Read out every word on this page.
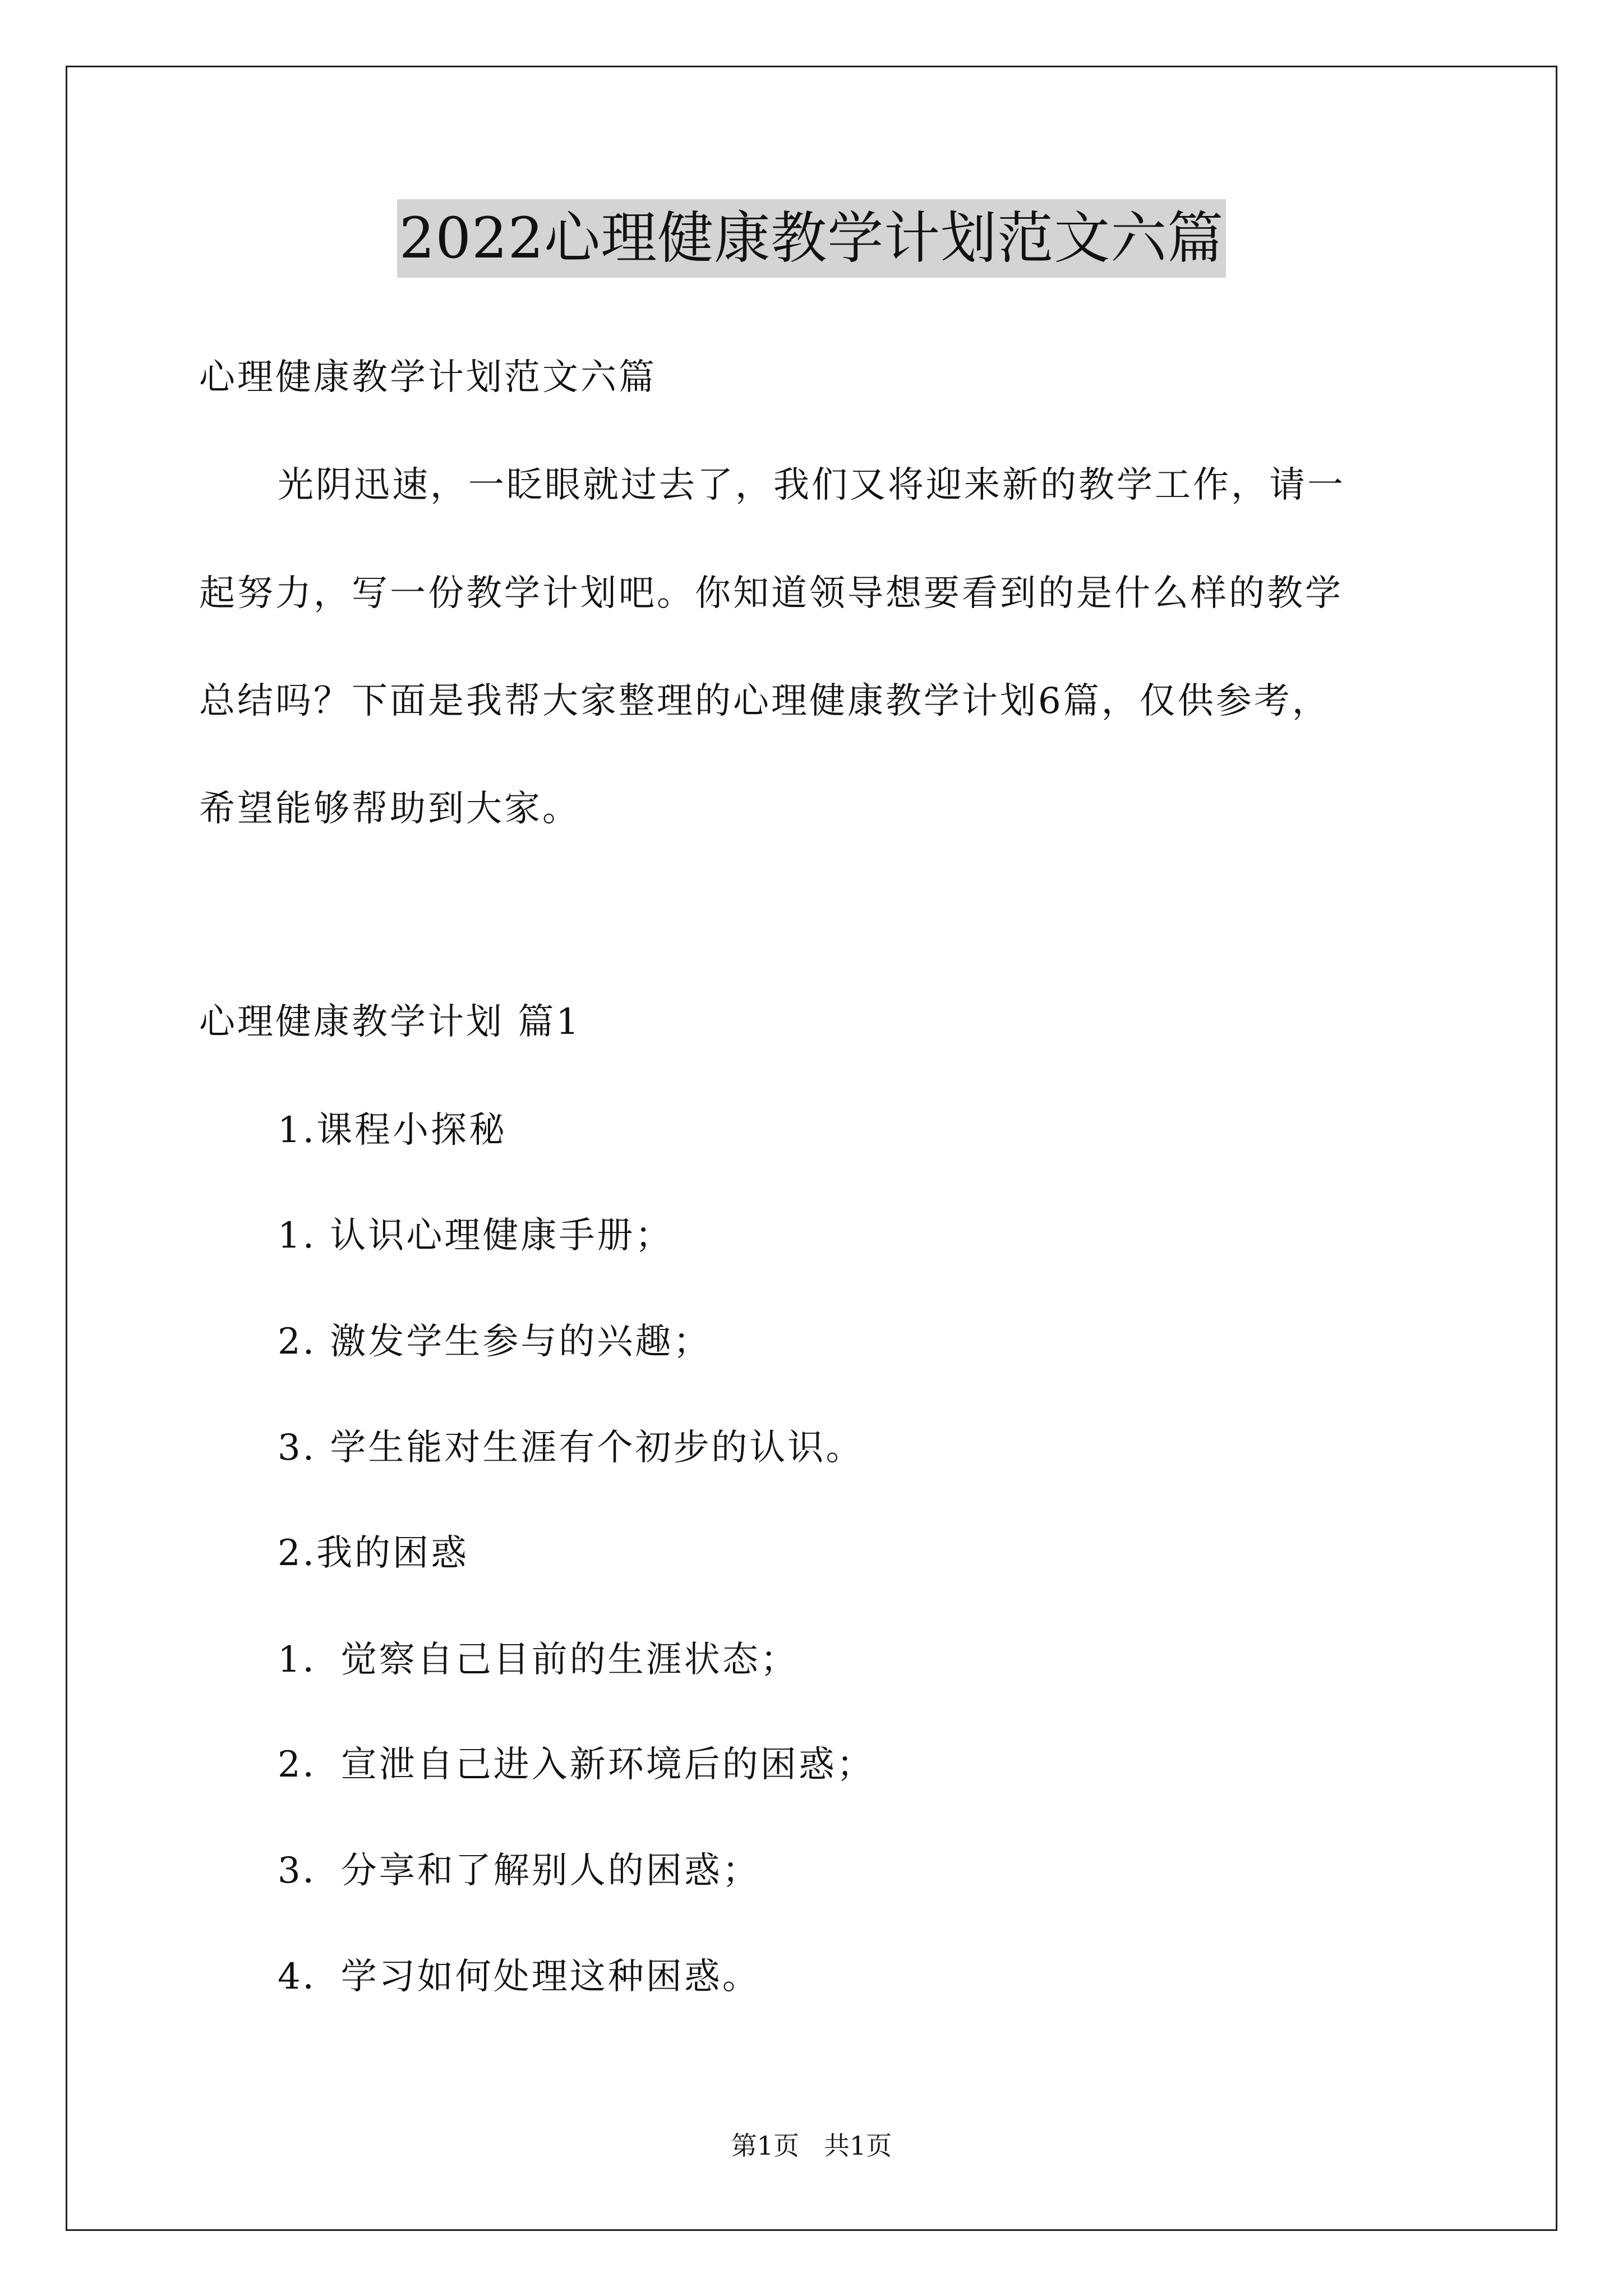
2022心理健康教学计划范文六篇
心理健康教学计划范文六篇
光阴迅速，一眨眼就过去了，我们又将迎来新的教学工作，请一
起努力，写一份教学计划吧。你知道领导想要看到的是什么样的教学
总结吗？下面是我帮大家整理的心理健康教学计划6篇，仅供参考，
希望能够帮助到大家。
心理健康教学计划 篇1
1.课程小探秘
1. 认识心理健康手册；
2. 激发学生参与的兴趣；
3. 学生能对生涯有个初步的认识。
2.我的困惑
1．觉察自己目前的生涯状态；
2．宣泄自己进入新环境后的困惑；
3．分享和了解别人的困惑；
4．学习如何处理这种困惑。
第1页 共1页
